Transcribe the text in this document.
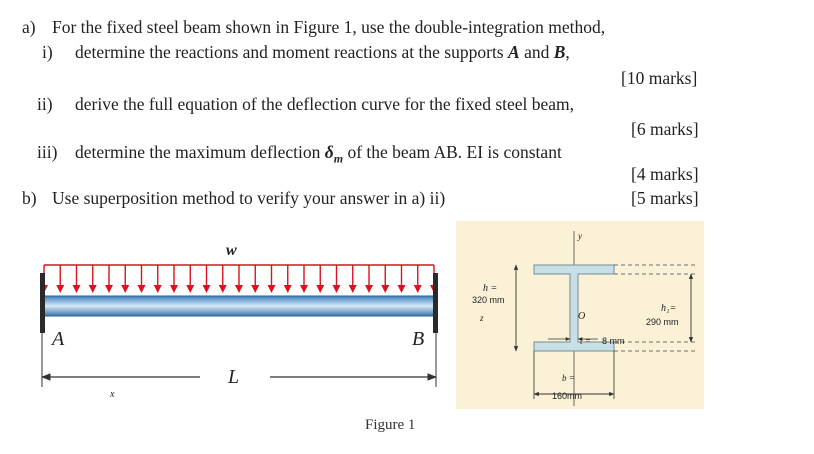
a) For the fixed steel beam shown in Figure 1, use the double-integration method,
i) determine the reactions and moment reactions at the supports A and B,
[10 marks]
ii) derive the full equation of the deflection curve for the fixed steel beam,
[6 marks]
iii) determine the maximum deflection $\delta_m$ of the beam AB. EI is constant
[4 marks]
b) Use superposition method to verify your answer in a) ii)	[5 marks]
w
A	B
L
x
Figure 1
y
h =
320 mm
z
h₁=
290 mm
O
t = 8 mm
b =
160mm
